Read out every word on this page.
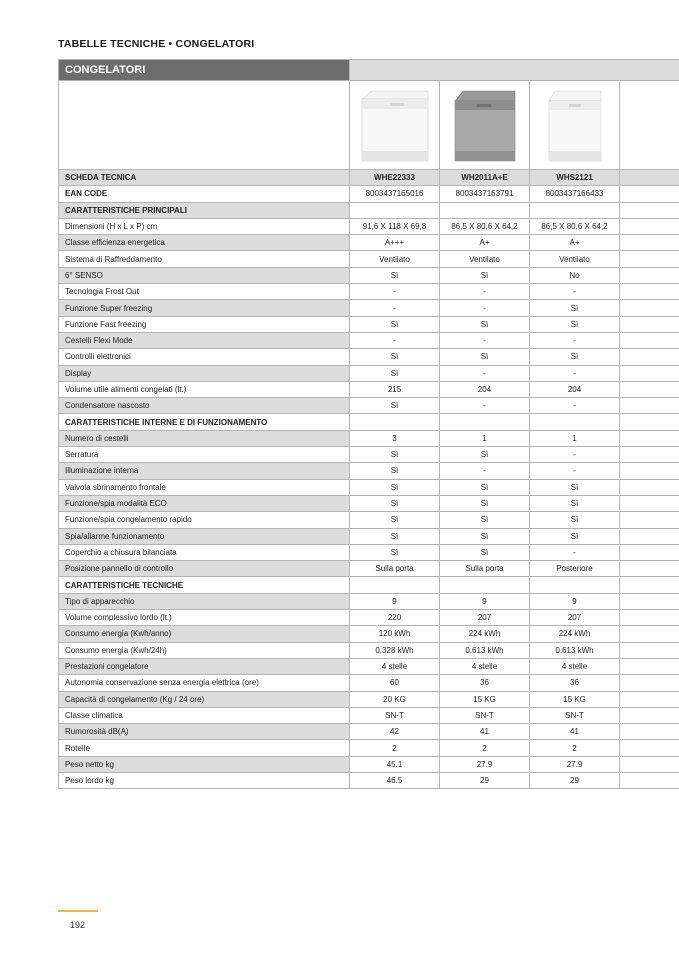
TABELLE TECNICHE • CONGELATORI
CONGELATORI				

SCHEDA TECNICA	WHE22333	WH2011A+E	WHS2121	
EAN CODE	8003437165016	8003437163791	8003437166433	
CARATTERISTICHE PRINCIPALI				
Dimensioni (H x L x P) cm	91,6 X 118 X 69,8	86,5 X 80,6 X 64,2	86,5 X 80,6 X 64,2	
Classe efficienza energetica	A+++	A+	A+	
Sistema di Raffreddamento	Ventilato	Ventilato	Ventilato	
6° SENSO	Sì	Sì	No	
Tecnologia Frost Out	-	-	-	
Funzione Super freezing	-	-	Sì	
Funzione Fast freezing	Sì	Sì	Sì	
Cestelli Flexi Mode	-	-	-	
Controlli elettronici	Sì	Sì	Sì	
Display	Sì	-	-	
Volume utile alimenti congelati (lt.)	215	204	204	
Condensatore nascosto	Sì	-	-	
CARATTERISTICHE INTERNE E DI FUNZIONAMENTO				
Numero di cestelli	3	1	1	
Serratura	Sì	Sì	-	
Illuminazione interna	Sì	-	-	
Valvola sbrinamento frontale	Sì	Sì	Sì	
Funzione/spia modalità ECO	Sì	Sì	Sì	
Funzione/spia congelamento rapido	Sì	Sì	Sì	
Spia/allarme funzionamento	Sì	Sì	Sì	
Coperchio a chiusura bilanciata	Sì	Sì	-	
Posizione pannello di controllo	Sulla porta	Sulla porta	Posteriore	
CARATTERISTICHE TECNICHE				
Tipo di apparecchio	9	9	9	
Volume complessivo lordo (lt.)	220	207	207	
Consumo energia (Kwh/anno)	120 kWh	224 kWh	224 kWh	
Consumo energia (Kwh/24h)	0.328 kWh	0.613 kWh	0.613 kWh	
Prestazioni congelatore	4 stelle	4 stelle	4 stelle	
Autonomia conservazione senza energia elettrica (ore)	60	36	36	
Capacità di congelamento (Kg / 24 ore)	20 KG	15 KG	15 KG	
Classe climatica	SN-T	SN-T	SN-T	
Rumorosità dB(A)	42	41	41	
Rotelle	2	2	2	
Peso netto kg	45.1	27.9	27.9	
Peso lordo kg	46.5	29	29	
192
